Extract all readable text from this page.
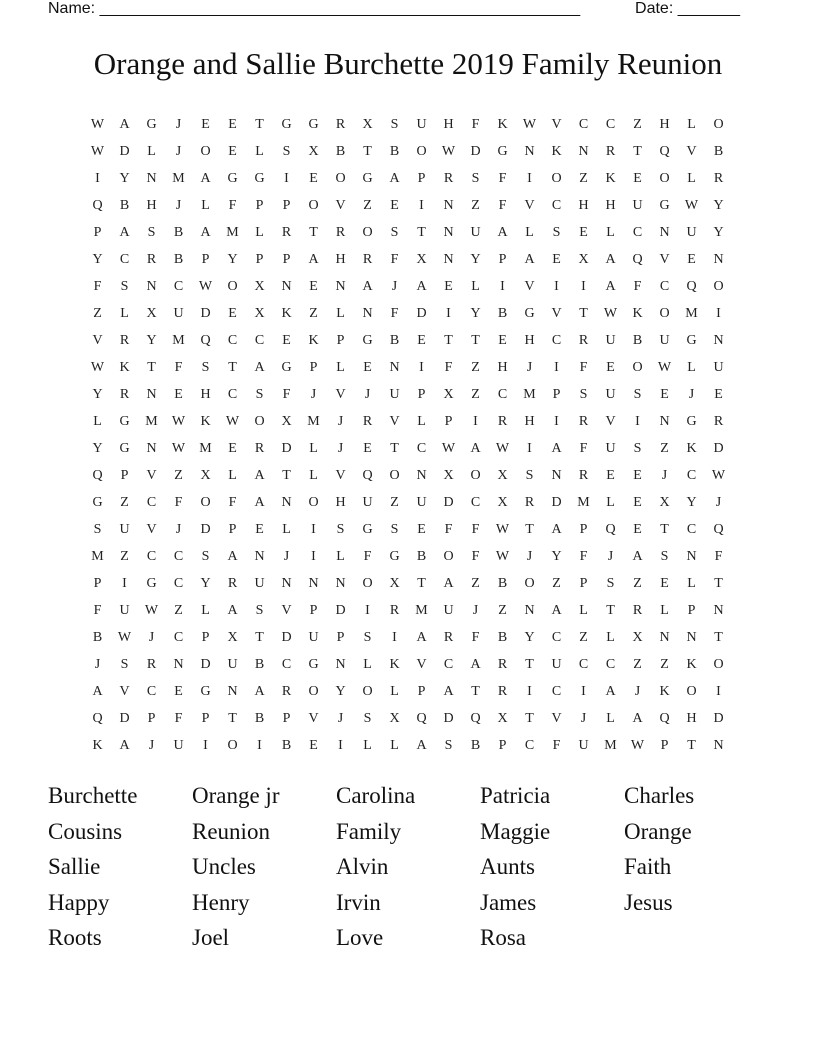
Name: ______________________________________________________	Date: _______
Orange and Sallie Burchette 2019 Family Reunion
W	A	G	J	E	E	T	G	G	R	X	S	U	H	F	K	W	V	C	C	Z	H	L	O
W	D	L	J	O	E	L	S	X	B	T	B	O	W	D	G	N	K	N	R	T	Q	V	B
I	Y	N	M	A	G	G	I	E	O	G	A	P	R	S	F	I	O	Z	K	E	O	L	R
Q	B	H	J	L	F	P	P	O	V	Z	E	I	N	Z	F	V	C	H	H	U	G	W	Y
P	A	S	B	A	M	L	R	T	R	O	S	T	N	U	A	L	S	E	L	C	N	U	Y
Y	C	R	B	P	Y	P	P	A	H	R	F	X	N	Y	P	A	E	X	A	Q	V	E	N
F	S	N	C	W	O	X	N	E	N	A	J	A	E	L	I	V	I	I	A	F	C	Q	O
Z	L	X	U	D	E	X	K	Z	L	N	F	D	I	Y	B	G	V	T	W	K	O	M	I
V	R	Y	M	Q	C	C	E	K	P	G	B	E	T	T	E	H	C	R	U	B	U	G	N
W	K	T	F	S	T	A	G	P	L	E	N	I	F	Z	H	J	I	F	E	O	W	L	U
Y	R	N	E	H	C	S	F	J	V	J	U	P	X	Z	C	M	P	S	U	S	E	J	E
L	G	M	W	K	W	O	X	M	J	R	V	L	P	I	R	H	I	R	V	I	N	G	R
Y	G	N	W	M	E	R	D	L	J	E	T	C	W	A	W	I	A	F	U	S	Z	K	D
Q	P	V	Z	X	L	A	T	L	V	Q	O	N	X	O	X	S	N	R	E	E	J	C	W
G	Z	C	F	O	F	A	N	O	H	U	Z	U	D	C	X	R	D	M	L	E	X	Y	J
S	U	V	J	D	P	E	L	I	S	G	S	E	F	F	W	T	A	P	Q	E	T	C	Q
M	Z	C	C	S	A	N	J	I	L	F	G	B	O	F	W	J	Y	F	J	A	S	N	F
P	I	G	C	Y	R	U	N	N	N	O	X	T	A	Z	B	O	Z	P	S	Z	E	L	T
F	U	W	Z	L	A	S	V	P	D	I	R	M	U	J	Z	N	A	L	T	R	L	P	N
B	W	J	C	P	X	T	D	U	P	S	I	A	R	F	B	Y	C	Z	L	X	N	N	T
J	S	R	N	D	U	B	C	G	N	L	K	V	C	A	R	T	U	C	C	Z	Z	K	O
A	V	C	E	G	N	A	R	O	Y	O	L	P	A	T	R	I	C	I	A	J	K	O	I
Q	D	P	F	P	T	B	P	V	J	S	X	Q	D	Q	X	T	V	J	L	A	Q	H	D
K	A	J	U	I	O	I	B	E	I	L	L	A	S	B	P	C	F	U	M	W	P	T	N
Burchette	Orange jr	Carolina	Patricia	Charles
Cousins	Reunion	Family	Maggie	Orange
Sallie	Uncles	Alvin	Aunts	Faith
Happy	Henry	Irvin	James	Jesus
Roots	Joel	Love	Rosa
